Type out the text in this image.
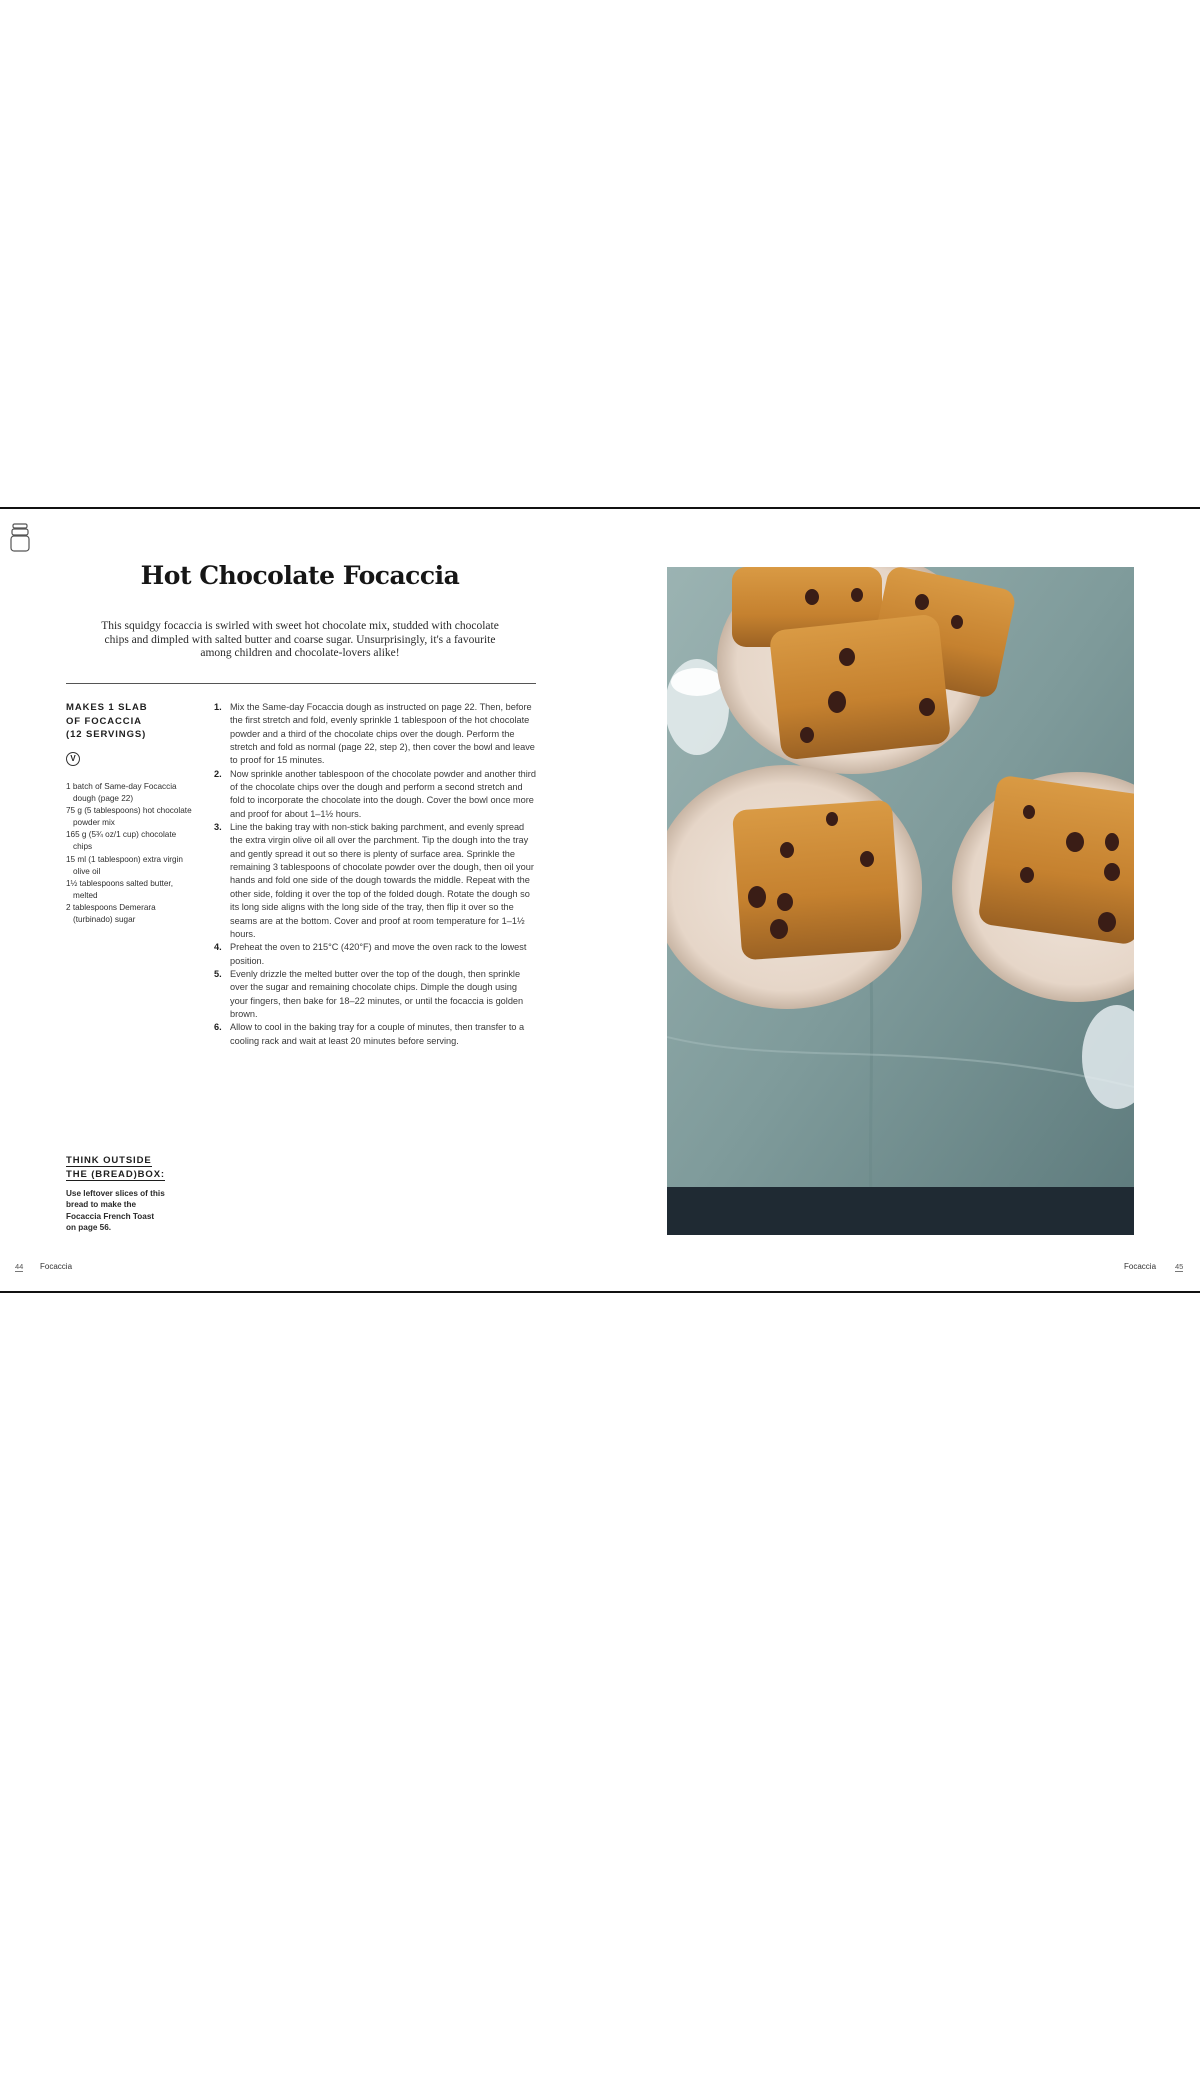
Hot Chocolate Focaccia
This squidgy focaccia is swirled with sweet hot chocolate mix, studded with chocolate chips and dimpled with salted butter and coarse sugar. Unsurprisingly, it's a favourite among children and chocolate-lovers alike!
MAKES 1 SLAB
OF FOCACCIA
(12 SERVINGS)
V
1 batch of Same-day Focaccia dough (page 22)
75 g (5 tablespoons) hot chocolate powder mix
165 g (5¾ oz/1 cup) chocolate chips
15 ml (1 tablespoon) extra virgin olive oil
1½ tablespoons salted butter, melted
2 tablespoons Demerara (turbinado) sugar
1. Mix the Same-day Focaccia dough as instructed on page 22. Then, before the first stretch and fold, evenly sprinkle 1 tablespoon of the hot chocolate powder and a third of the chocolate chips over the dough. Perform the stretch and fold as normal (page 22, step 2), then cover the bowl and leave to proof for 15 minutes.
2. Now sprinkle another tablespoon of the chocolate powder and another third of the chocolate chips over the dough and perform a second stretch and fold to incorporate the chocolate into the dough. Cover the bowl once more and proof for about 1–1½ hours.
3. Line the baking tray with non-stick baking parchment, and evenly spread the extra virgin olive oil all over the parchment. Tip the dough into the tray and gently spread it out so there is plenty of surface area. Sprinkle the remaining 3 tablespoons of chocolate powder over the dough, then oil your hands and fold one side of the dough towards the middle. Repeat with the other side, folding it over the top of the folded dough. Rotate the dough so its long side aligns with the long side of the tray, then flip it over so the seams are at the bottom. Cover and proof at room temperature for 1–1½ hours.
4. Preheat the oven to 215°C (420°F) and move the oven rack to the lowest position.
5. Evenly drizzle the melted butter over the top of the dough, then sprinkle over the sugar and remaining chocolate chips. Dimple the dough using your fingers, then bake for 18–22 minutes, or until the focaccia is golden brown.
6. Allow to cool in the baking tray for a couple of minutes, then transfer to a cooling rack and wait at least 20 minutes before serving.
THINK OUTSIDE
THE (BREAD)BOX:
Use leftover slices of this bread to make the Focaccia French Toast on page 56.
44 Focaccia	Focaccia	45
